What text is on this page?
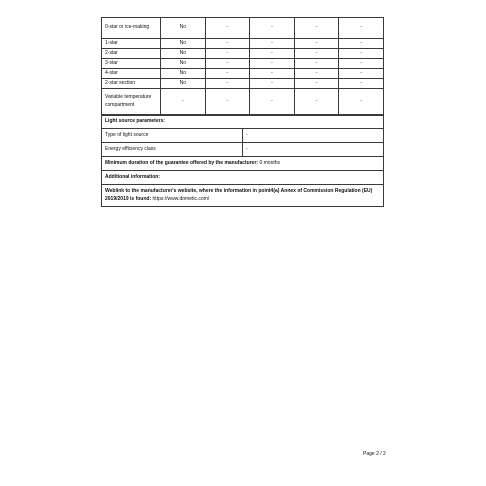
0-star or ice-making	No	-	-	-	-
1-star	No	-	-	-	-
2-star	No	-	-	-	-
3-star	No	-	-	-	-
4-star	No	-	-	-	-
2-star section	No	-	-	-	-
Variable temperature compartment	-	-	-	-	-
Light source parameters:	
Type of light source	-
Energy efficiency class	-
Minimum duration of the guarantee offered by the manufacturer: 0 months	
Additional information:	
Weblink to the manufacturer's website, where the information in point4(a) Annex of Commission Regulation (EU) 2019/2019 is found: https://www.dometic.com/	
Page 2 / 2
